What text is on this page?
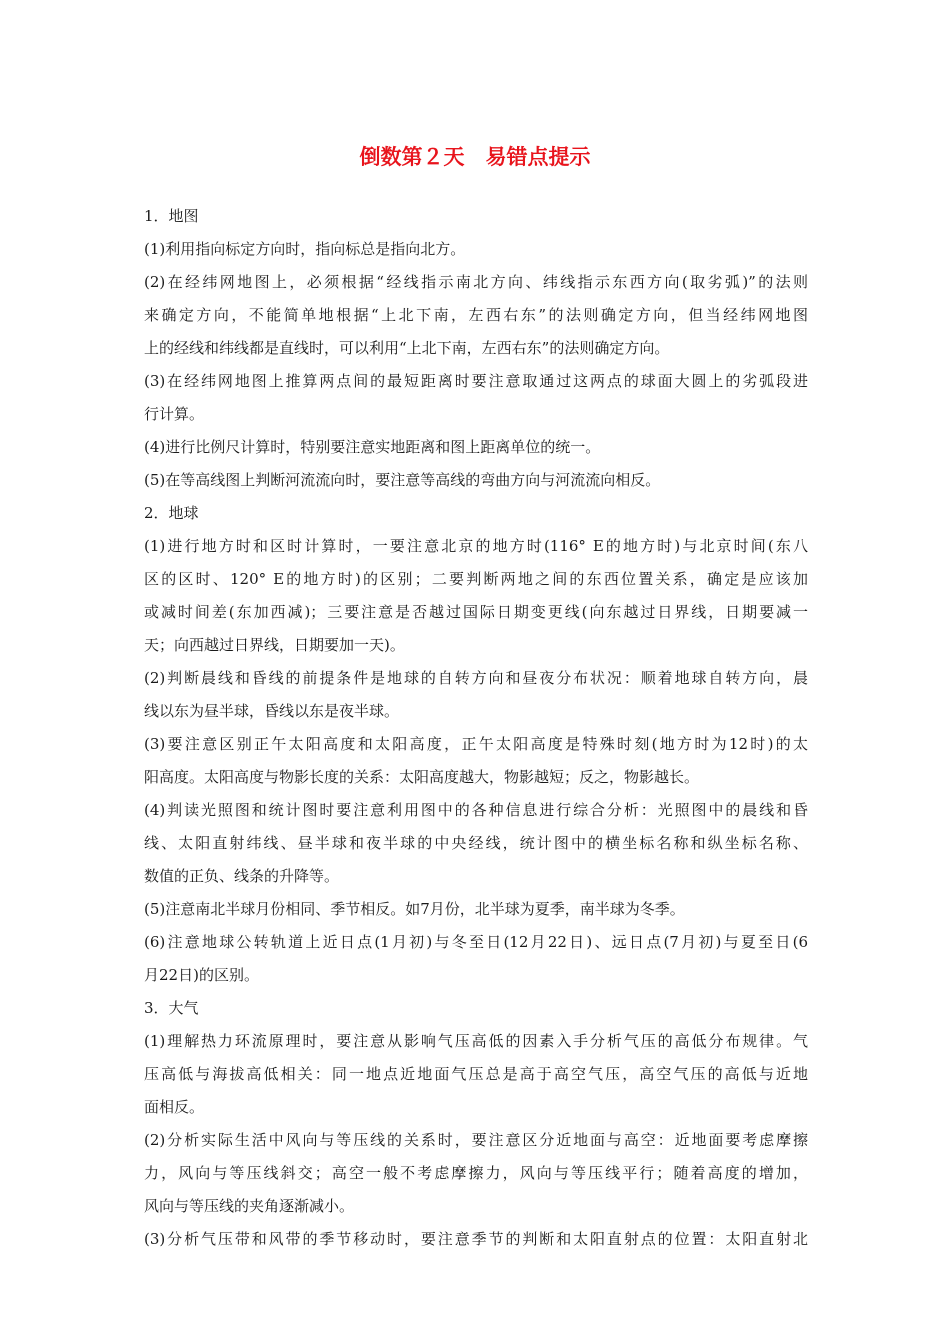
倒数第２天　易错点提示
1．地图
(1)利用指向标定方向时，指向标总是指向北方。
(2)在经纬网地图上，必须根据“经线指示南北方向、纬线指示东西方向(取劣弧)”的法则
来确定方向，不能简单地根据“上北下南，左西右东”的法则确定方向，但当经纬网地图
上的经线和纬线都是直线时，可以利用“上北下南，左西右东”的法则确定方向。
(3)在经纬网地图上推算两点间的最短距离时要注意取通过这两点的球面大圆上的劣弧段进
行计算。
(4)进行比例尺计算时，特别要注意实地距离和图上距离单位的统一。
(5)在等高线图上判断河流流向时，要注意等高线的弯曲方向与河流流向相反。
2．地球
(1)进行地方时和区时计算时，一要注意北京的地方时(116° E的地方时)与北京时间(东八
区的区时、120° E的地方时)的区别；二要判断两地之间的东西位置关系，确定是应该加
或减时间差(东加西减)；三要注意是否越过国际日期变更线(向东越过日界线，日期要减一
天；向西越过日界线，日期要加一天)。
(2)判断晨线和昏线的前提条件是地球的自转方向和昼夜分布状况：顺着地球自转方向，晨
线以东为昼半球，昏线以东是夜半球。
(3)要注意区别正午太阳高度和太阳高度，正午太阳高度是特殊时刻(地方时为12时)的太
阳高度。太阳高度与物影长度的关系：太阳高度越大，物影越短；反之，物影越长。
(4)判读光照图和统计图时要注意利用图中的各种信息进行综合分析：光照图中的晨线和昏
线、太阳直射纬线、昼半球和夜半球的中央经线，统计图中的横坐标名称和纵坐标名称、
数值的正负、线条的升降等。
(5)注意南北半球月份相同、季节相反。如7月份，北半球为夏季，南半球为冬季。
(6)注意地球公转轨道上近日点(1月初)与冬至日(12月22日)、远日点(7月初)与夏至日(6
月22日)的区别。
3．大气
(1)理解热力环流原理时，要注意从影响气压高低的因素入手分析气压的高低分布规律。气
压高低与海拔高低相关：同一地点近地面气压总是高于高空气压，高空气压的高低与近地
面相反。
(2)分析实际生活中风向与等压线的关系时，要注意区分近地面与高空：近地面要考虑摩擦
力，风向与等压线斜交；高空一般不考虑摩擦力，风向与等压线平行；随着高度的增加，
风向与等压线的夹角逐渐减小。
(3)分析气压带和风带的季节移动时，要注意季节的判断和太阳直射点的位置：太阳直射北
